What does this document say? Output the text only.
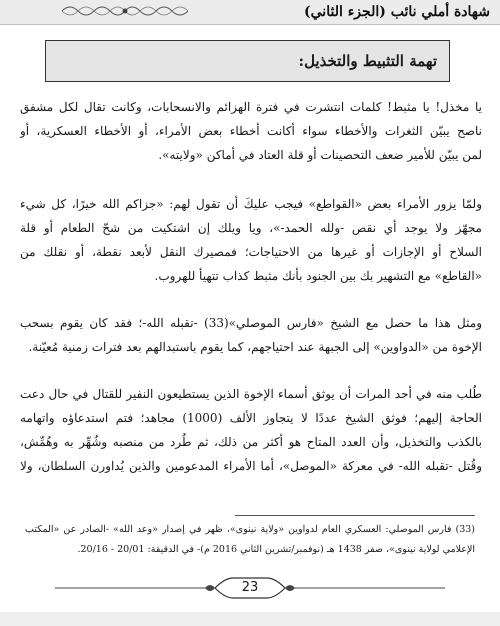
شهادة أملي نائب (الجزء الثاني)
تهمة التثبيط والتخذيل:
يا مخذل! يا مثبط! كلمات انتشرت في فترة الهزائم والانسحابات، وكانت تقال لكل مشفق
ناصح يبيّن الثغرات والأخطاء سواء أكانت أخطاء بعض الأمراء، أو الأخطاء العسكرية، أو
لمن يبيّن للأمير ضعف التحصينات أو قلة العتاد في أماكن «ولايته».
ولمّا يزور الأمراء بعض «القواطع» فيجب عليكَ أن تقول لهم: «جزاكم الله خيرًا، كل شيء
مجهّز ولا يوجد أي نقص -ولله الحمد-»، ويا ويلك إن اشتكيت من شحّ الطعام أو قلة
السلاح أو الإجازات أو غيرها من الاحتياجات؛ فمصيرك النقل لأبعد نقطة، أو نقلك من
«القاطع» مع التشهير بك بين الجنود بأنك مثبط كذاب تتهيأ للهروب.
ومثل هذا ما حصل مع الشيخ «فارس الموصلي»(33) -تقبله الله-؛ فقد كان يقوم بسحب
الإخوة من «الدواوين» إلى الجبهة عند احتياجهم، كما يقوم باستبدالهم بعد فترات زمنية مُعيّنة.
طُلب منه في أحد المرات أن يوثق أسماء الإخوة الذين يستطيعون النفير للقتال في حال دعت
الحاجة إليهم؛ فوثق الشيخ عددًا لا يتجاوز الألف (1000) مجاهد؛ فتم استدعاؤه واتهامه
بالكذب والتخذيل، وأن العدد المتاح هو أكثر من ذلك، ثم طُرد من منصبه وشُهِّر به وهُمِّش،
وقُتل -تقبله الله- في معركة «الموصل»، أما الأمراء المدعومين والذين يُداورن السلطان، ولا
(33) فارس الموصلي: العسكري العام لدواوين «ولاية نينوى»، ظهر في إصدار «وعد الله» -الصادر عن «المكتب
الإعلامي لولاية نينوى»، صفر 1438 هـ (نوفمبر/تشرين الثاني 2016 م)- في الدقيقة: 20/01 - 20/16.
23
